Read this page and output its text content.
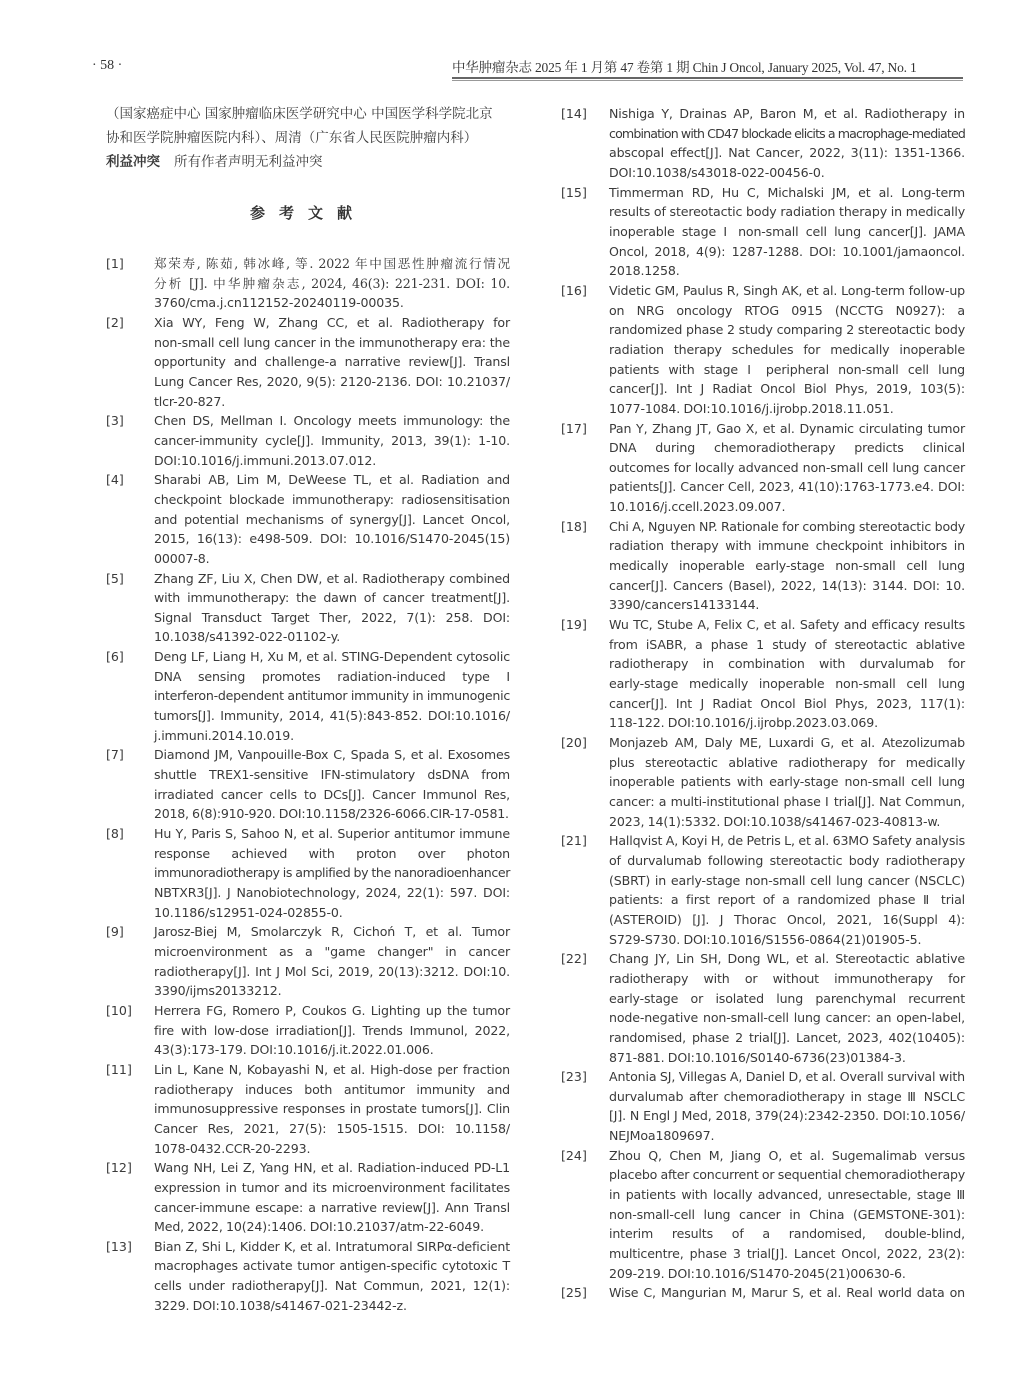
· 58 ·	中华肿瘤杂志 2025 年 1 月第 47 卷第 1 期 Chin J Oncol, January 2025, Vol. 47, No. 1
（国家癌症中心 国家肿瘤临床医学研究中心 中国医学科学院北京
协和医学院肿瘤医院内科）、周清（广东省人民医院肿瘤内科）
利益冲突 所有作者声明无利益冲突
参考文献
[1]	郑荣寿, 陈茹, 韩冰峰, 等. 2022 年中国恶性肿瘤流行情况
分析 [J]. 中华肿瘤杂志, 2024, 46(3): 221-231. DOI: 10.
3760/cma.j.cn112152-20240119-00035.
[2]	Xia WY, Feng W, Zhang CC, et al. Radiotherapy for
non-small cell lung cancer in the immunotherapy era: the
opportunity and challenge-a narrative review[J]. Transl
Lung Cancer Res, 2020, 9(5): 2120-2136. DOI: 10.21037/
tlcr-20-827.
[3]	Chen DS, Mellman I. Oncology meets immunology: the
cancer-immunity cycle[J]. Immunity, 2013, 39(1): 1-10.
DOI:10.1016/j.immuni.2013.07.012.
[4]	Sharabi AB, Lim M, DeWeese TL, et al. Radiation and
checkpoint blockade immunotherapy: radiosensitisation
and potential mechanisms of synergy[J]. Lancet Oncol,
2015, 16(13): e498-509. DOI: 10.1016/S1470-2045(15)
00007-8.
[5]	Zhang ZF, Liu X, Chen DW, et al. Radiotherapy combined
with immunotherapy: the dawn of cancer treatment[J].
Signal Transduct Target Ther, 2022, 7(1): 258. DOI:
10.1038/s41392-022-01102-y.
[6]	Deng LF, Liang H, Xu M, et al. STING-Dependent cytosolic
DNA sensing promotes radiation-induced type Ⅰ
interferon-dependent antitumor immunity in immunogenic
tumors[J]. Immunity, 2014, 41(5):843-852. DOI:10.1016/
j.immuni.2014.10.019.
[7]	Diamond JM, Vanpouille-Box C, Spada S, et al. Exosomes
shuttle TREX1-sensitive IFN-stimulatory dsDNA from
irradiated cancer cells to DCs[J]. Cancer Immunol Res,
2018, 6(8):910-920. DOI:10.1158/2326-6066.CIR-17-0581.
[8]	Hu Y, Paris S, Sahoo N, et al. Superior antitumor immune
response achieved with proton over photon
immunoradiotherapy is amplified by the nanoradioenhancer
NBTXR3[J]. J Nanobiotechnology, 2024, 22(1): 597. DOI:
10.1186/s12951-024-02855-0.
[9]	Jarosz-Biej M, Smolarczyk R, Cichoń T, et al. Tumor
microenvironment as a "game changer" in cancer
radiotherapy[J]. Int J Mol Sci, 2019, 20(13):3212. DOI:10.
3390/ijms20133212.
[10]	Herrera FG, Romero P, Coukos G. Lighting up the tumor
fire with low-dose irradiation[J]. Trends Immunol, 2022,
43(3):173-179. DOI:10.1016/j.it.2022.01.006.
[11]	Lin L, Kane N, Kobayashi N, et al. High-dose per fraction
radiotherapy induces both antitumor immunity and
immunosuppressive responses in prostate tumors[J]. Clin
Cancer Res, 2021, 27(5): 1505-1515. DOI: 10.1158/
1078-0432.CCR-20-2293.
[12]	Wang NH, Lei Z, Yang HN, et al. Radiation-induced PD-L1
expression in tumor and its microenvironment facilitates
cancer-immune escape: a narrative review[J]. Ann Transl
Med, 2022, 10(24):1406. DOI:10.21037/atm-22-6049.
[13]	Bian Z, Shi L, Kidder K, et al. Intratumoral SIRPα-deficient
macrophages activate tumor antigen-specific cytotoxic T
cells under radiotherapy[J]. Nat Commun, 2021, 12(1):
3229. DOI:10.1038/s41467-021-23442-z.
[14]	Nishiga Y, Drainas AP, Baron M, et al. Radiotherapy in
combination with CD47 blockade elicits a macrophage-mediated
abscopal effect[J]. Nat Cancer, 2022, 3(11): 1351-1366.
DOI:10.1038/s43018-022-00456-0.
[15]	Timmerman RD, Hu C, Michalski JM, et al. Long-term
results of stereotactic body radiation therapy in medically
inoperable stage Ⅰ non-small cell lung cancer[J]. JAMA
Oncol, 2018, 4(9): 1287-1288. DOI: 10.1001/jamaoncol.
2018.1258.
[16]	Videtic GM, Paulus R, Singh AK, et al. Long-term follow-up
on NRG oncology RTOG 0915 (NCCTG N0927): a
randomized phase 2 study comparing 2 stereotactic body
radiation therapy schedules for medically inoperable
patients with stage Ⅰ peripheral non-small cell lung
cancer[J]. Int J Radiat Oncol Biol Phys, 2019, 103(5):
1077-1084. DOI:10.1016/j.ijrobp.2018.11.051.
[17]	Pan Y, Zhang JT, Gao X, et al. Dynamic circulating tumor
DNA during chemoradiotherapy predicts clinical
outcomes for locally advanced non-small cell lung cancer
patients[J]. Cancer Cell, 2023, 41(10):1763-1773.e4. DOI:
10.1016/j.ccell.2023.09.007.
[18]	Chi A, Nguyen NP. Rationale for combing stereotactic body
radiation therapy with immune checkpoint inhibitors in
medically inoperable early-stage non-small cell lung
cancer[J]. Cancers (Basel), 2022, 14(13): 3144. DOI: 10.
3390/cancers14133144.
[19]	Wu TC, Stube A, Felix C, et al. Safety and efficacy results
from iSABR, a phase 1 study of stereotactic ablative
radiotherapy in combination with durvalumab for
early-stage medically inoperable non-small cell lung
cancer[J]. Int J Radiat Oncol Biol Phys, 2023, 117(1):
118-122. DOI:10.1016/j.ijrobp.2023.03.069.
[20]	Monjazeb AM, Daly ME, Luxardi G, et al. Atezolizumab
plus stereotactic ablative radiotherapy for medically
inoperable patients with early-stage non-small cell lung
cancer: a multi-institutional phase Ⅰ trial[J]. Nat Commun,
2023, 14(1):5332. DOI:10.1038/s41467-023-40813-w.
[21]	Hallqvist A, Koyi H, de Petris L, et al. 63MO Safety analysis
of durvalumab following stereotactic body radiotherapy
(SBRT) in early-stage non-small cell lung cancer (NSCLC)
patients: a first report of a randomized phase Ⅱ trial
(ASTEROID) [J]. J Thorac Oncol, 2021, 16(Suppl 4):
S729-S730. DOI:10.1016/S1556-0864(21)01905-5.
[22]	Chang JY, Lin SH, Dong WL, et al. Stereotactic ablative
radiotherapy with or without immunotherapy for
early-stage or isolated lung parenchymal recurrent
node-negative non-small-cell lung cancer: an open-label,
randomised, phase 2 trial[J]. Lancet, 2023, 402(10405):
871-881. DOI:10.1016/S0140-6736(23)01384-3.
[23]	Antonia SJ, Villegas A, Daniel D, et al. Overall survival with
durvalumab after chemoradiotherapy in stage Ⅲ NSCLC
[J]. N Engl J Med, 2018, 379(24):2342-2350. DOI:10.1056/
NEJMoa1809697.
[24]	Zhou Q, Chen M, Jiang O, et al. Sugemalimab versus
placebo after concurrent or sequential chemoradiotherapy
in patients with locally advanced, unresectable, stage Ⅲ
non-small-cell lung cancer in China (GEMSTONE-301):
interim results of a randomised, double-blind,
multicentre, phase 3 trial[J]. Lancet Oncol, 2022, 23(2):
209-219. DOI:10.1016/S1470-2045(21)00630-6.
[25]	Wise C, Mangurian M, Marur S, et al. Real world data on
